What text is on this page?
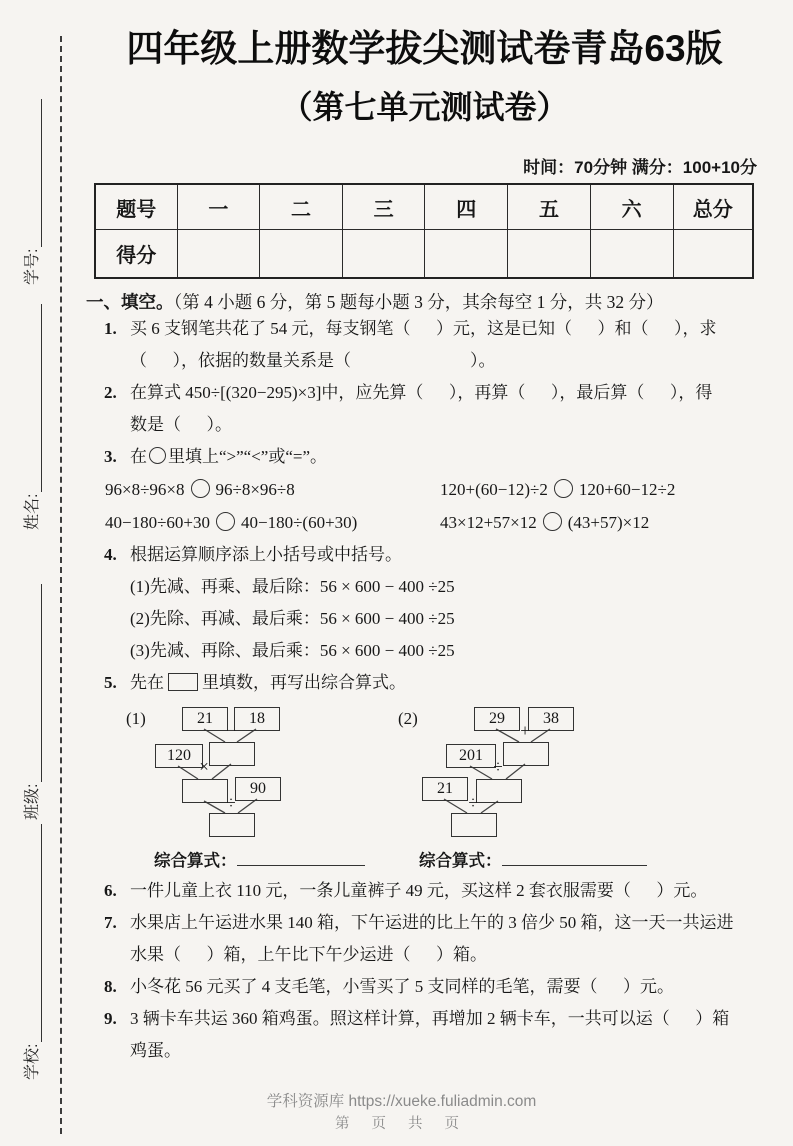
学号:
姓名:
班级:
学校:
四年级上册数学拔尖测试卷青岛63版
（第七单元测试卷）
时间：70分钟 满分：100+10分
题号	一	二	三	四	五	六	总分
得分							
一、填空。（第 4 小题 6 分，第 5 题每小题 3 分，其余每空 1 分，共 32 分）
1. 买 6 支钢笔共花了 54 元，每支钢笔（      ）元，这是已知（      ）和（      ），求
（      ），依据的数量关系是（                            ）。
2. 在算式 450÷[(320−295)×3]中，应先算（      ），再算（      ），最后算（      ），得
数是（      ）。
3. 在 里填上“>”“<”或“=”。
96×8÷96×8 96÷8×96÷8	120+(60−12)÷2 120+60−12÷2
40−180÷60+30 40−180÷(60+30)	43×12+57×12 (43+57)×12
4. 根据运算顺序添上小括号或中括号。
(1)先减、再乘、最后除：56 × 600 − 400 ÷25
(2)先除、再减、最后乘：56 × 600 − 400 ÷25
(3)先减、再除、最后乘：56 × 600 − 400 ÷25
5. 先在 里填数，再写出综合算式。
(1)	21	18
−
120
×
90
÷
综合算式：
(2)	29	38
+
201
÷
21
÷
综合算式：
6. 一件儿童上衣 110 元，一条儿童裤子 49 元，买这样 2 套衣服需要（      ）元。
7. 水果店上午运进水果 140 箱，下午运进的比上午的 3 倍少 50 箱，这一天一共运进
水果（      ）箱，上午比下午少运进（      ）箱。
8. 小冬花 56 元买了 4 支毛笔，小雪买了 5 支同样的毛笔，需要（      ）元。
9. 3 辆卡车共运 360 箱鸡蛋。照这样计算，再增加 2 辆卡车，一共可以运（      ）箱
鸡蛋。
学科资源库 https://xueke.fuliadmin.com
第 页 共 页
